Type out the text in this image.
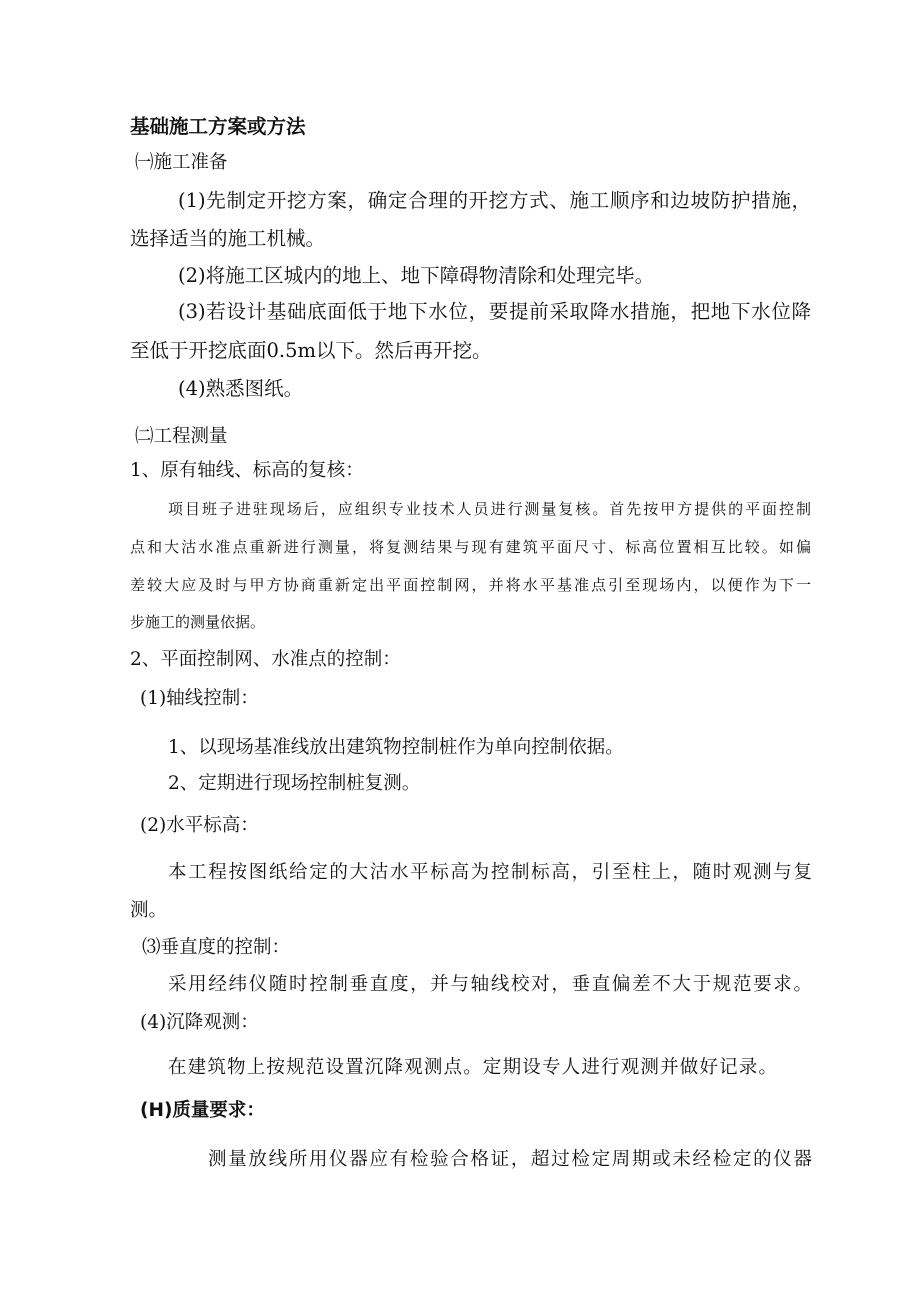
基础施工方案或方法
㈠施工准备
(1)先制定开挖方案，确定合理的开挖方式、施工顺序和边坡防护措施，
选择适当的施工机械。
(2)将施工区城内的地上、地下障碍物清除和处理完毕。
(3)若设计基础底面低于地下水位，要提前采取降水措施，把地下水位降
至低于开挖底面0.5m以下。然后再开挖。
(4)熟悉图纸。
㈡工程测量
1、原有轴线、标高的复核：
项目班子进驻现场后，应组织专业技术人员进行测量复核。首先按甲方提供的平面控制
点和大沽水准点重新进行测量，将复测结果与现有建筑平面尺寸、标高位置相互比较。如偏
差较大应及时与甲方协商重新定出平面控制网，并将水平基准点引至现场内，以便作为下一
步施工的测量依据。
2、平面控制网、水准点的控制：
(1)轴线控制：
1、以现场基准线放出建筑物控制桩作为单向控制依据。
2、定期进行现场控制桩复测。
(2)水平标高：
本工程按图纸给定的大沽水平标高为控制标高，引至柱上，随时观测与复
测。
⑶垂直度的控制：
采用经纬仪随时控制垂直度，并与轴线校对，垂直偏差不大于规范要求。
(4)沉降观测：
在建筑物上按规范设置沉降观测点。定期设专人进行观测并做好记录。
(H)质量要求：
测量放线所用仪器应有检验合格证，超过检定周期或未经检定的仪器
